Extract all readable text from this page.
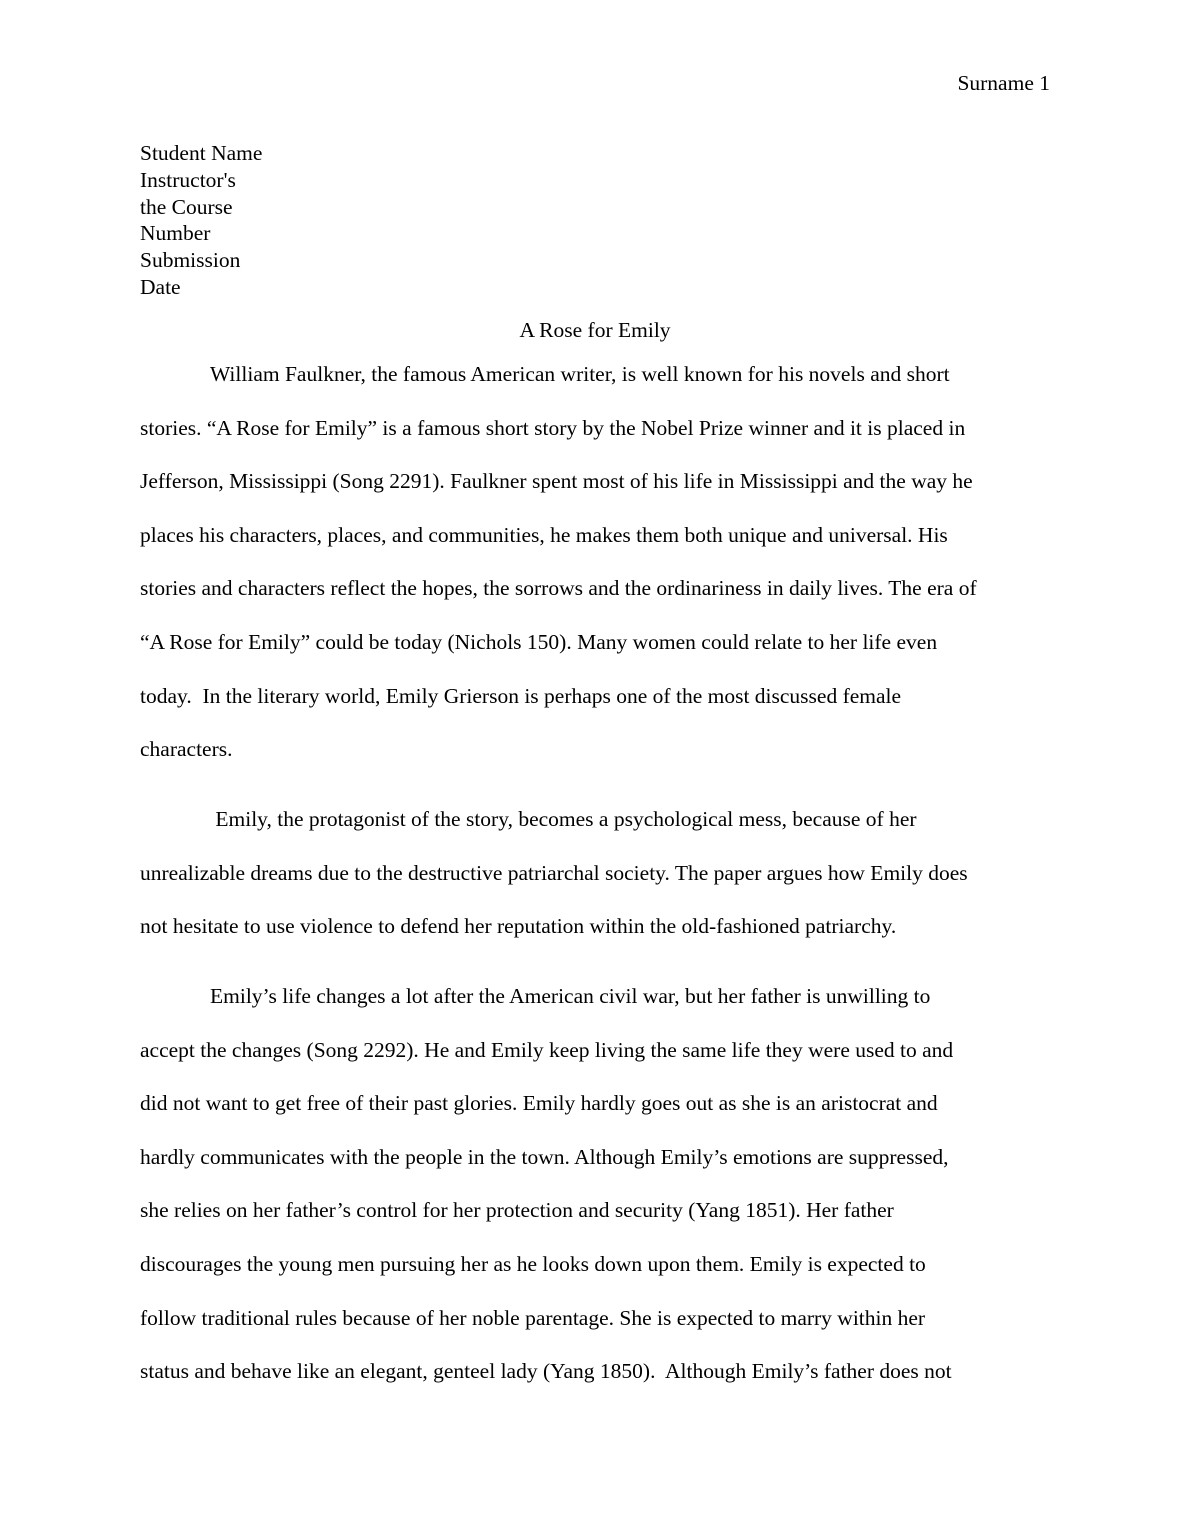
Surname 1
Student Name
Instructor's
the Course
Number
Submission
Date
A Rose for Emily
William Faulkner, the famous American writer, is well known for his novels and short
stories. “A Rose for Emily” is a famous short story by the Nobel Prize winner and it is placed in
Jefferson, Mississippi (Song 2291). Faulkner spent most of his life in Mississippi and the way he
places his characters, places, and communities, he makes them both unique and universal. His
stories and characters reflect the hopes, the sorrows and the ordinariness in daily lives. The era of
“A Rose for Emily” could be today (Nichols 150). Many women could relate to her life even
today.  In the literary world, Emily Grierson is perhaps one of the most discussed female
characters.
Emily, the protagonist of the story, becomes a psychological mess, because of her
unrealizable dreams due to the destructive patriarchal society. The paper argues how Emily does
not hesitate to use violence to defend her reputation within the old-fashioned patriarchy.
Emily’s life changes a lot after the American civil war, but her father is unwilling to
accept the changes (Song 2292). He and Emily keep living the same life they were used to and
did not want to get free of their past glories. Emily hardly goes out as she is an aristocrat and
hardly communicates with the people in the town. Although Emily’s emotions are suppressed,
she relies on her father’s control for her protection and security (Yang 1851). Her father
discourages the young men pursuing her as he looks down upon them. Emily is expected to
follow traditional rules because of her noble parentage. She is expected to marry within her
status and behave like an elegant, genteel lady (Yang 1850).  Although Emily’s father does not
